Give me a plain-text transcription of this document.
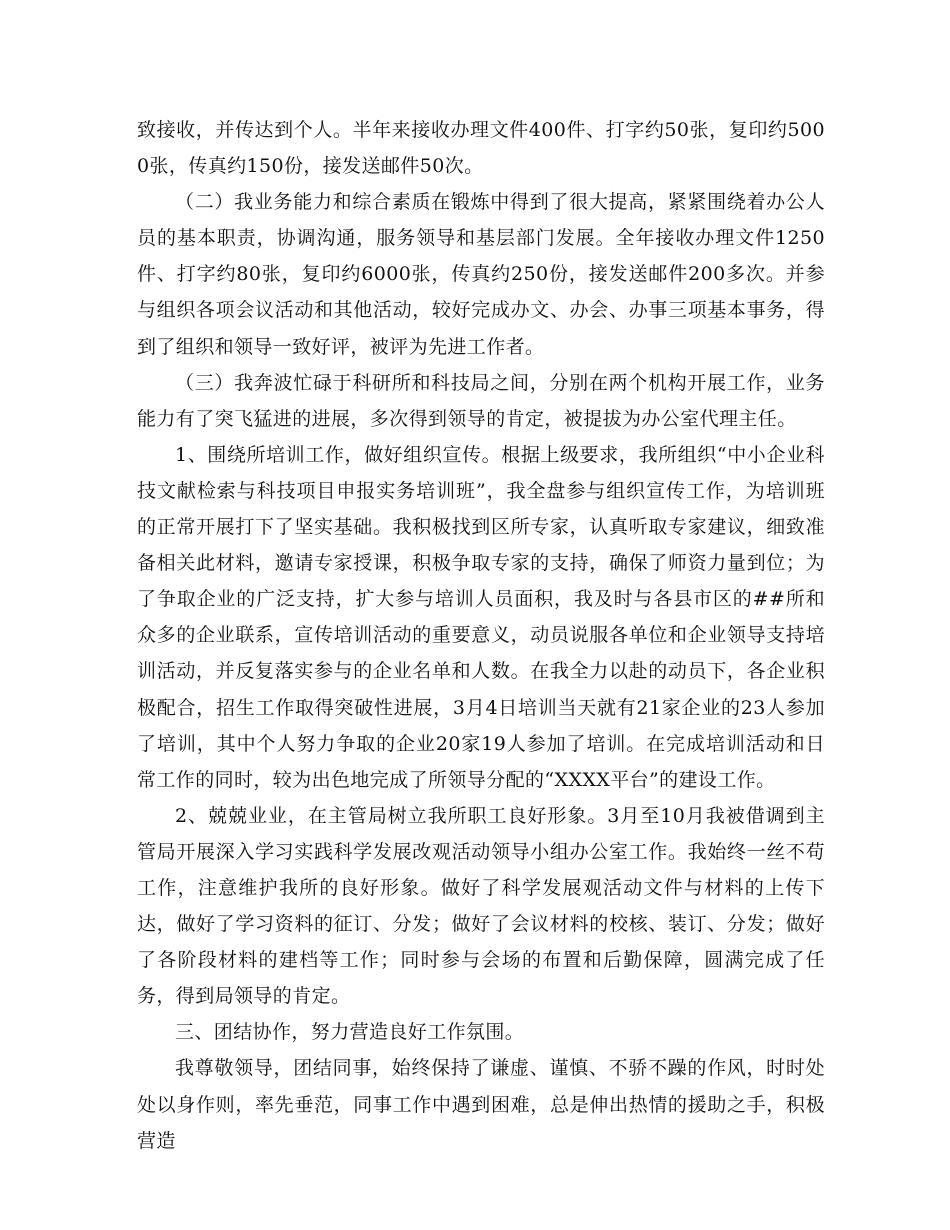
致接收，并传达到个人。半年来接收办理文件400件、打字约50张，复印约5000张，传真约150份，接发送邮件50次。

（二）我业务能力和综合素质在锻炼中得到了很大提高，紧紧围绕着办公人员的基本职责，协调沟通，服务领导和基层部门发展。全年接收办理文件1250件、打字约80张，复印约6000张，传真约250份，接发送邮件200多次。并参与组织各项会议活动和其他活动，较好完成办文、办会、办事三项基本事务，得到了组织和领导一致好评，被评为先进工作者。

（三）我奔波忙碌于科研所和科技局之间，分别在两个机构开展工作，业务能力有了突飞猛进的进展，多次得到领导的肯定，被提拔为办公室代理主任。

1、围绕所培训工作，做好组织宣传。根据上级要求，我所组织“中小企业科技文献检索与科技项目申报实务培训班”，我全盘参与组织宣传工作，为培训班的正常开展打下了坚实基础。我积极找到区所专家，认真听取专家建议，细致准备相关此材料，邀请专家授课，积极争取专家的支持，确保了师资力量到位；为了争取企业的广泛支持，扩大参与培训人员面积，我及时与各县市区的##所和众多的企业联系，宣传培训活动的重要意义，动员说服各单位和企业领导支持培训活动，并反复落实参与的企业名单和人数。在我全力以赴的动员下，各企业积极配合，招生工作取得突破性进展，3月4日培训当天就有21家企业的23人参加了培训，其中个人努力争取的企业20家19人参加了培训。在完成培训活动和日常工作的同时，较为出色地完成了所领导分配的“XXXX平台”的建设工作。

2、兢兢业业，在主管局树立我所职工良好形象。3月至10月我被借调到主管局开展深入学习实践科学发展改观活动领导小组办公室工作。我始终一丝不苟工作，注意维护我所的良好形象。做好了科学发展观活动文件与材料的上传下达，做好了学习资料的征订、分发；做好了会议材料的校核、装订、分发；做好了各阶段材料的建档等工作；同时参与会场的布置和后勤保障，圆满完成了任务，得到局领导的肯定。

三、团结协作，努力营造良好工作氛围。

我尊敬领导，团结同事，始终保持了谦虚、谨慎、不骄不躁的作风，时时处处以身作则，率先垂范，同事工作中遇到困难，总是伸出热情的援助之手，积极营造
